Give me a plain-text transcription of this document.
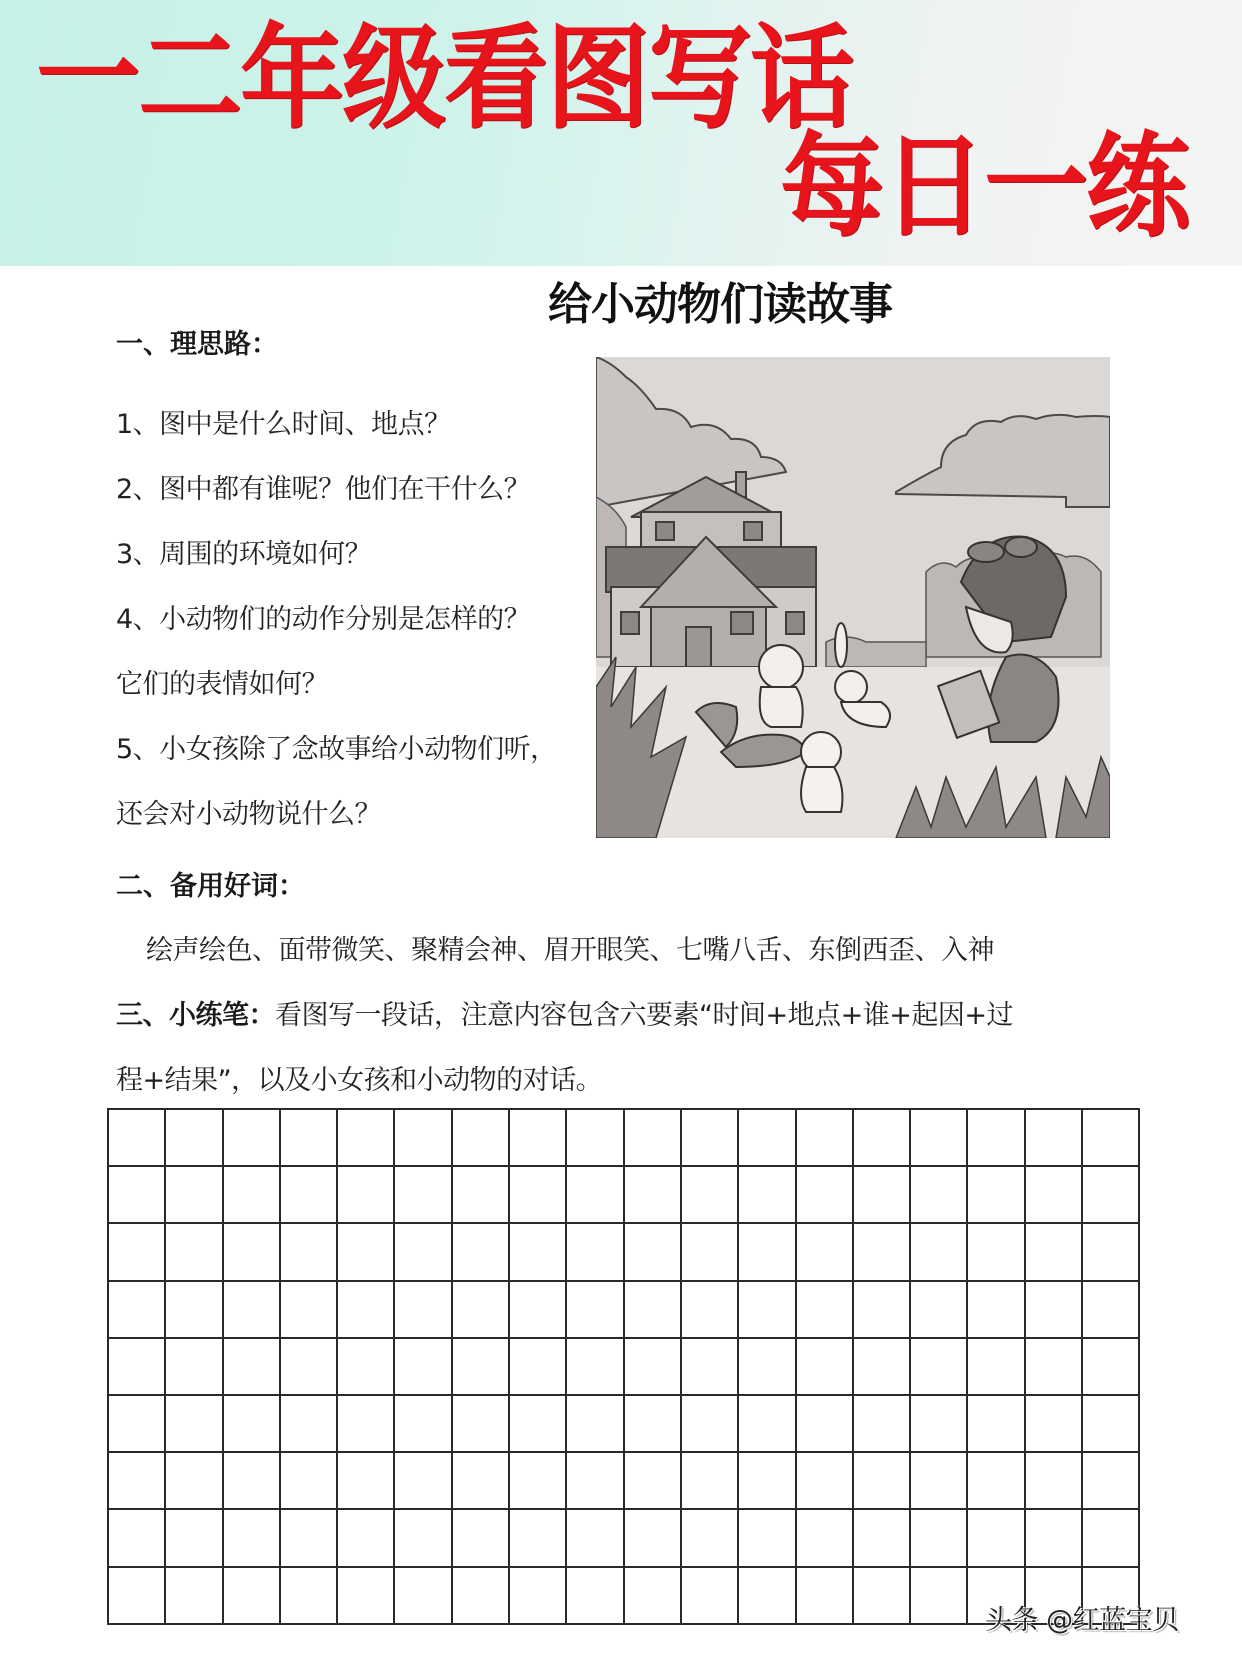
一二年级看图写话
每日一练
给小动物们读故事
一、理思路：
1、图中是什么时间、地点？
2、图中都有谁呢？他们在干什么？
3、周围的环境如何？
4、小动物们的动作分别是怎样的？
它们的表情如何？
5、小女孩除了念故事给小动物们听，
还会对小动物说什么？
二、备用好词：
绘声绘色、面带微笑、聚精会神、眉开眼笑、七嘴八舌、东倒西歪、入神
三、小练笔：看图写一段话，注意内容包含六要素“时间+地点+谁+起因+过
程+结果”，以及小女孩和小动物的对话。
头条 @红蓝宝贝
